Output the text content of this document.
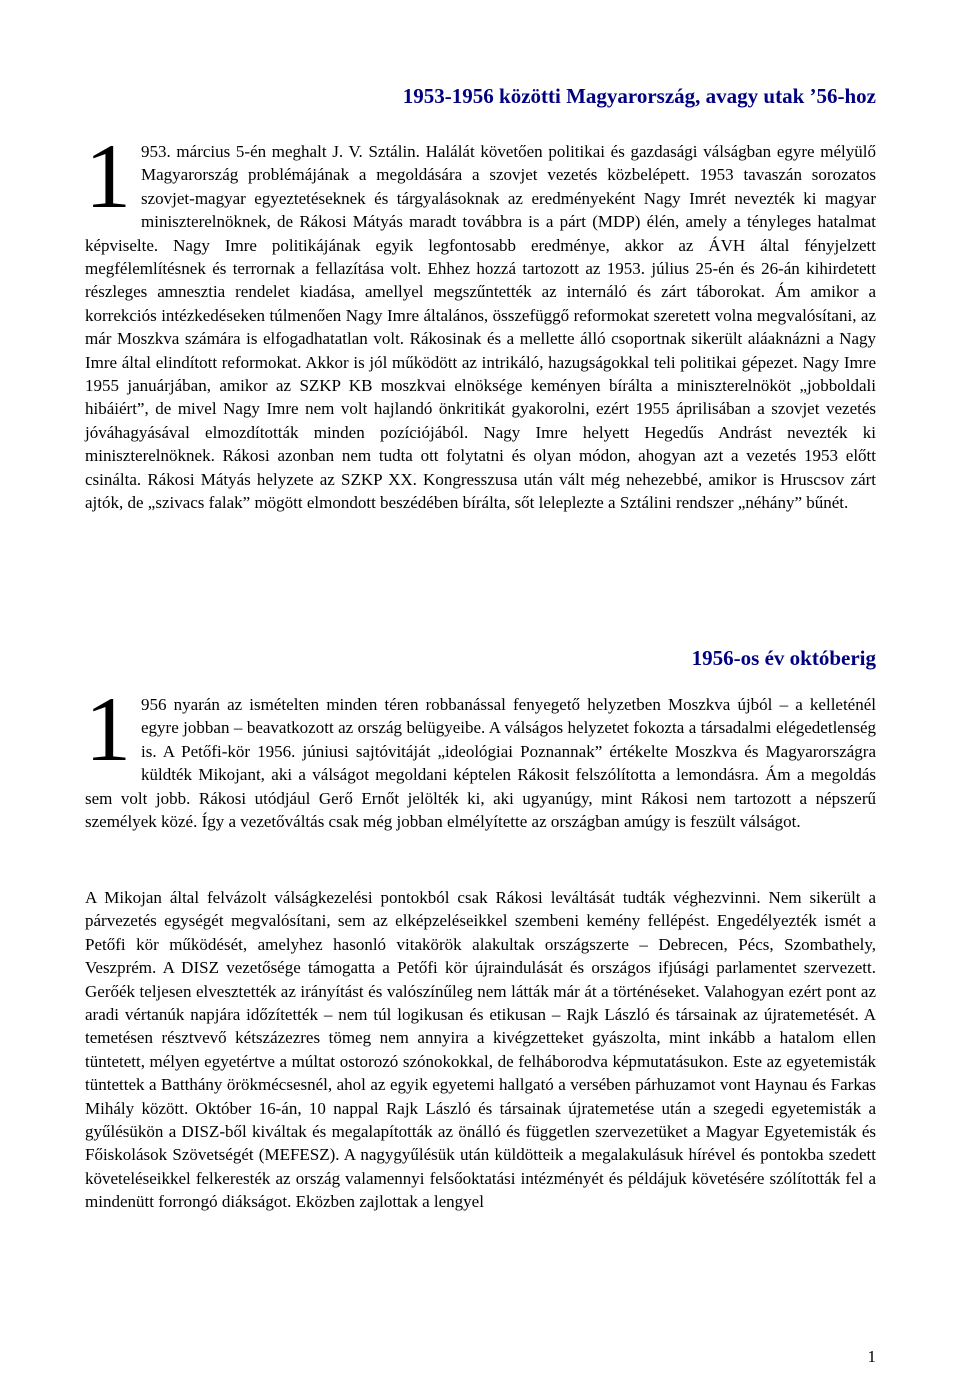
1953-1956 közötti Magyarország, avagy utak ’56-hoz

1 953. március 5-én meghalt J. V. Sztálin. Halálát követően politikai és gazdasági válságban egyre mélyülő Magyarország problémájának a megoldására a szovjet vezetés közbelépett. 1953 tavaszán sorozatos szovjet-magyar egyeztetéseknek és tárgyalásoknak az eredményeként Nagy Imrét nevezték ki magyar miniszterelnöknek, de Rákosi Mátyás maradt továbbra is a párt (MDP) élén, amely a tényleges hatalmat képviselte. Nagy Imre politikájának egyik legfontosabb eredménye, akkor az ÁVH által fényjelzett megfélemlítésnek és terrornak a fellazítása volt. Ehhez hozzá tartozott az 1953. július 25-én és 26-án kihirdetett részleges amnesztia rendelet kiadása, amellyel megszűntették az internáló és zárt táborokat. Ám amikor a korrekciós intézkedéseken túlmenően Nagy Imre általános, összefüggő reformokat szeretett volna megvalósítani, az már Moszkva számára is elfogadhatatlan volt. Rákosinak és a mellette álló csoportnak sikerült aláaknázni a Nagy Imre által elindított reformokat. Akkor is jól működött az intrikáló, hazugságokkal teli politikai gépezet. Nagy Imre 1955 januárjában, amikor az SZKP KB moszkvai elnöksége keményen bírálta a miniszterelnököt „jobboldali hibáiért”, de mivel Nagy Imre nem volt hajlandó önkritikát gyakorolni, ezért 1955 áprilisában a szovjet vezetés jóváhagyásával elmozdították minden pozíciójából. Nagy Imre helyett Hegedűs Andrást nevezték ki miniszterelnöknek. Rákosi azonban nem tudta ott folytatni és olyan módon, ahogyan azt a vezetés 1953 előtt csinálta. Rákosi Mátyás helyzete az SZKP XX. Kongresszusa után vált még nehezebbé, amikor is Hruscsov zárt ajtók, de „szivacs falak” mögött elmondott beszédében bírálta, sőt leleplezte a Sztálini rendszer „néhány” bűnét.

1956-os év októberig

1 956 nyarán az ismételten minden téren robbanással fenyegető helyzetben Moszkva újból – a kelleténél egyre jobban – beavatkozott az ország belügyeibe. A válságos helyzetet fokozta a társadalmi elégedetlenség is. A Petőfi-kör 1956. júniusi sajtóvitáját „ideológiai Poznannak” értékelte Moszkva és Magyarországra küldték Mikojant, aki a válságot megoldani képtelen Rákosit felszólította a lemondásra. Ám a megoldás sem volt jobb. Rákosi utódjául Gerő Ernőt jelölték ki, aki ugyanúgy, mint Rákosi nem tartozott a népszerű személyek közé. Így a vezetőváltás csak még jobban elmélyítette az országban amúgy is feszült válságot.

A Mikojan által felvázolt válságkezelési pontokból csak Rákosi leváltását tudták véghezvinni. Nem sikerült a párvezetés egységét megvalósítani, sem az elképzeléseikkel szembeni kemény fellépést. Engedélyezték ismét a Petőfi kör működését, amelyhez hasonló vitakörök alakultak országszerte – Debrecen, Pécs, Szombathely, Veszprém. A DISZ vezetősége támogatta a Petőfi kör újraindulását és országos ifjúsági parlamentet szervezett. Gerőék teljesen elvesztették az irányítást és valószínűleg nem látták már át a történéseket. Valahogyan ezért pont az aradi vértanúk napjára időzítették – nem túl logikusan és etikusan – Rajk László és társainak az újratemetését. A temetésen résztvevő kétszázezres tömeg nem annyira a kivégzetteket gyászolta, mint inkább a hatalom ellen tüntetett, mélyen egyetértve a múltat ostorozó szónokokkal, de felháborodva képmutatásukon. Este az egyetemisták tüntettek a Batthány örökmécsesnél, ahol az egyik egyetemi hallgató a versében párhuzamot vont Haynau és Farkas Mihály között. Október 16-án, 10 nappal Rajk László és társainak újratemetése után a szegedi egyetemisták a gyűlésükön a DISZ-ből kiváltak és megalapították az önálló és független szervezetüket a Magyar Egyetemisták és Főiskolások Szövetségét (MEFESZ). A nagygyűlésük után küldötteik a megalakulásuk hírével és pontokba szedett követeléseikkel felkeresték az ország valamennyi felsőoktatási intézményét és példájuk követésére szólították fel a mindenütt forrongó diákságot. Eközben zajlottak a lengyel

1
